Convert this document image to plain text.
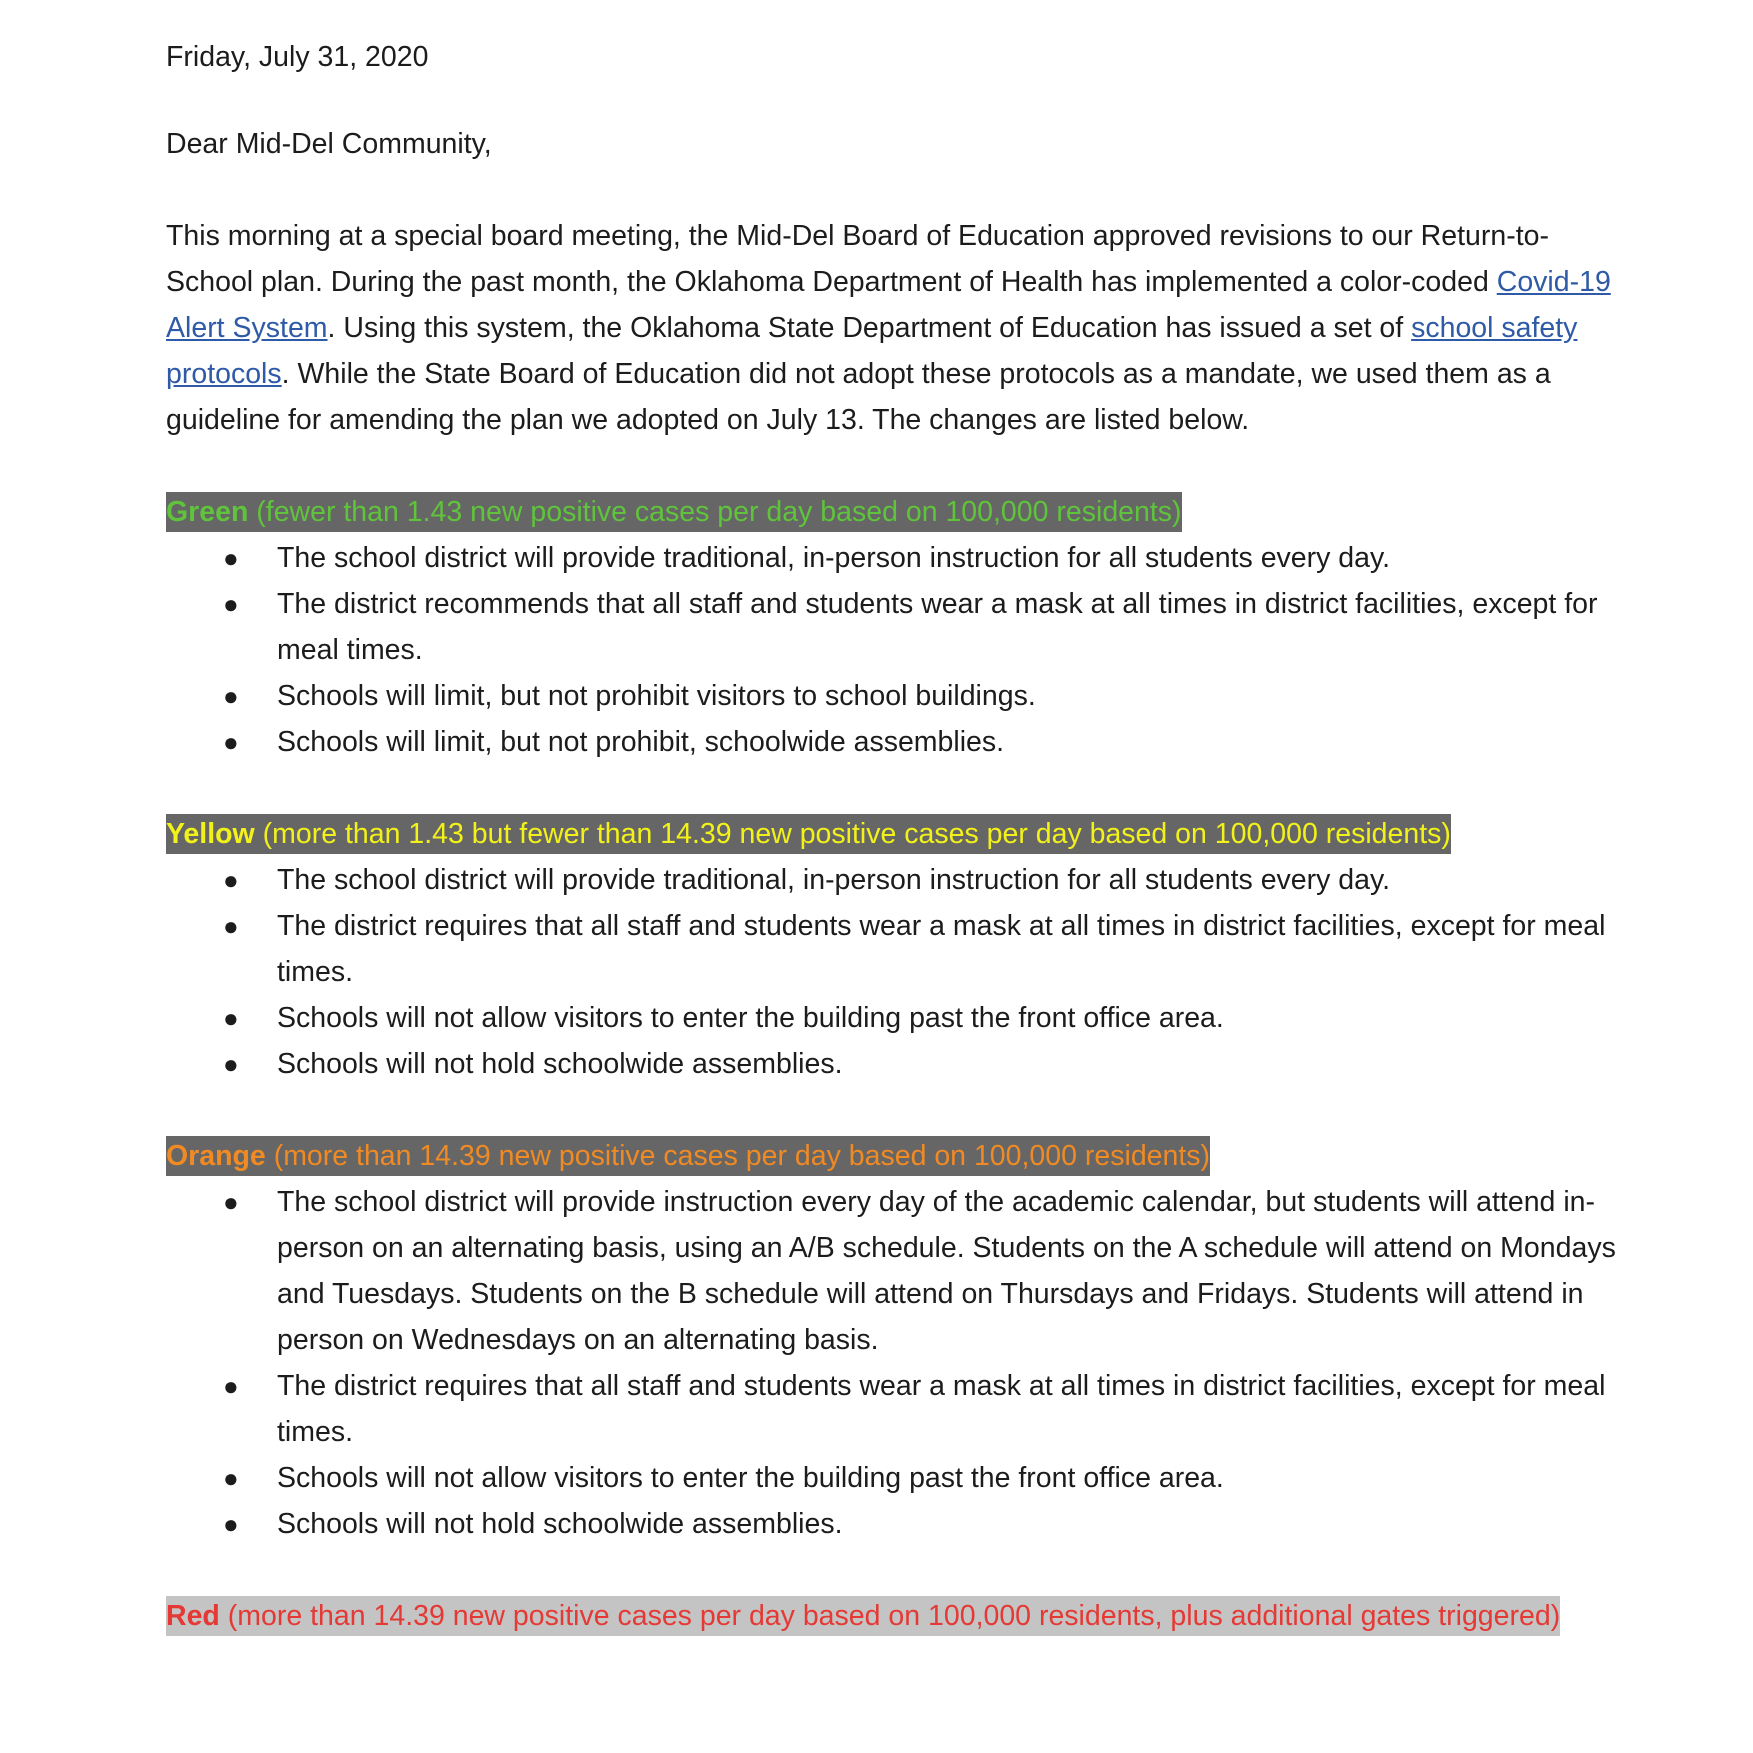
Friday, July 31, 2020

Dear Mid-Del Community,

This morning at a special board meeting, the Mid-Del Board of Education approved revisions to our Return-to-School plan. During the past month, the Oklahoma Department of Health has implemented a color-coded Covid-19 Alert System. Using this system, the Oklahoma State Department of Education has issued a set of school safety protocols. While the State Board of Education did not adopt these protocols as a mandate, we used them as a guideline for amending the plan we adopted on July 13. The changes are listed below.

Green (fewer than 1.43 new positive cases per day based on 100,000 residents)

● The school district will provide traditional, in-person instruction for all students every day.
● The district recommends that all staff and students wear a mask at all times in district facilities, except for meal times.
● Schools will limit, but not prohibit visitors to school buildings.
● Schools will limit, but not prohibit, schoolwide assemblies.

Yellow (more than 1.43 but fewer than 14.39 new positive cases per day based on 100,000 residents)

● The school district will provide traditional, in-person instruction for all students every day.
● The district requires that all staff and students wear a mask at all times in district facilities, except for meal times.
● Schools will not allow visitors to enter the building past the front office area.
● Schools will not hold schoolwide assemblies.

Orange (more than 14.39 new positive cases per day based on 100,000 residents)

● The school district will provide instruction every day of the academic calendar, but students will attend in-person on an alternating basis, using an A/B schedule. Students on the A schedule will attend on Mondays and Tuesdays. Students on the B schedule will attend on Thursdays and Fridays. Students will attend in person on Wednesdays on an alternating basis.
● The district requires that all staff and students wear a mask at all times in district facilities, except for meal times.
● Schools will not allow visitors to enter the building past the front office area.
● Schools will not hold schoolwide assemblies.

Red (more than 14.39 new positive cases per day based on 100,000 residents, plus additional gates triggered)
